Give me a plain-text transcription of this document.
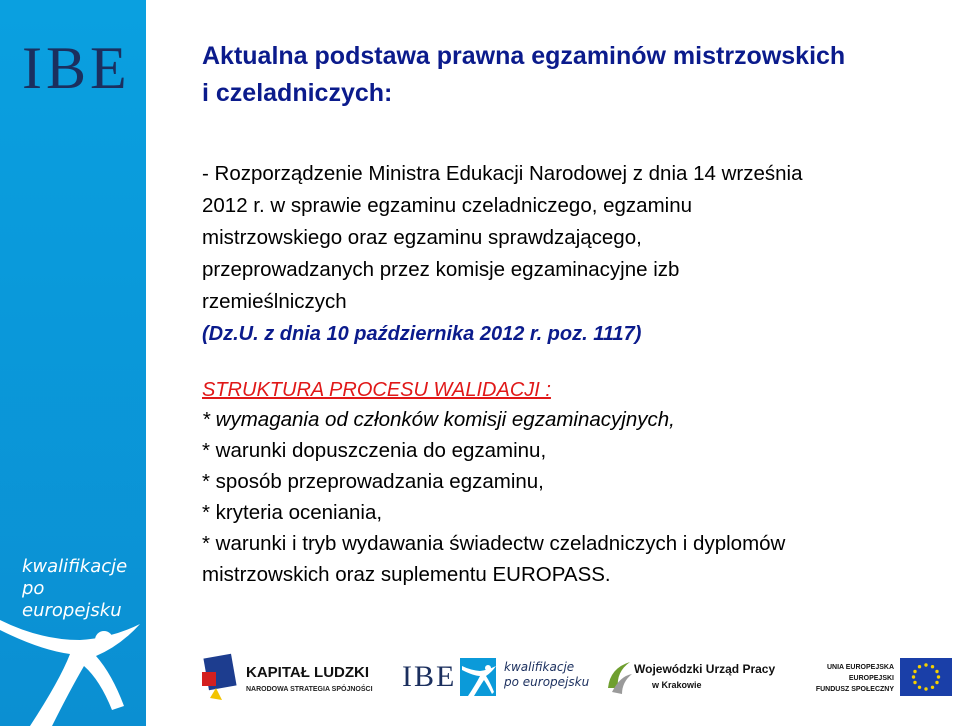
IBE
kwalifikacje
po europejsku
Aktualna podstawa prawna egzaminów mistrzowskich
i czeladniczych:
- Rozporządzenie Ministra Edukacji Narodowej z dnia 14 września
2012 r. w sprawie egzaminu czeladniczego, egzaminu
mistrzowskiego oraz egzaminu sprawdzającego,
przeprowadzanych przez komisje egzaminacyjne izb
rzemieślniczych
(Dz.U. z dnia 10 października 2012 r. poz. 1117)
STRUKTURA PROCESU WALIDACJI :
* wymagania od członków komisji egzaminacyjnych,
* warunki dopuszczenia do egzaminu,
* sposób przeprowadzania egzaminu,
* kryteria oceniania,
* warunki i tryb wydawania świadectw czeladniczych i dyplomów
mistrzowskich oraz suplementu EUROPASS.
KAPITAŁ LUDZKI
NARODOWA STRATEGIA SPÓJNOŚCI IBE	kwalifikacje
po europejsku
Wojewódzki Urząd Pracy
w Krakowie
UNIA EUROPEJSKA
EUROPEJSKI
FUNDUSZ SPOŁECZNY
